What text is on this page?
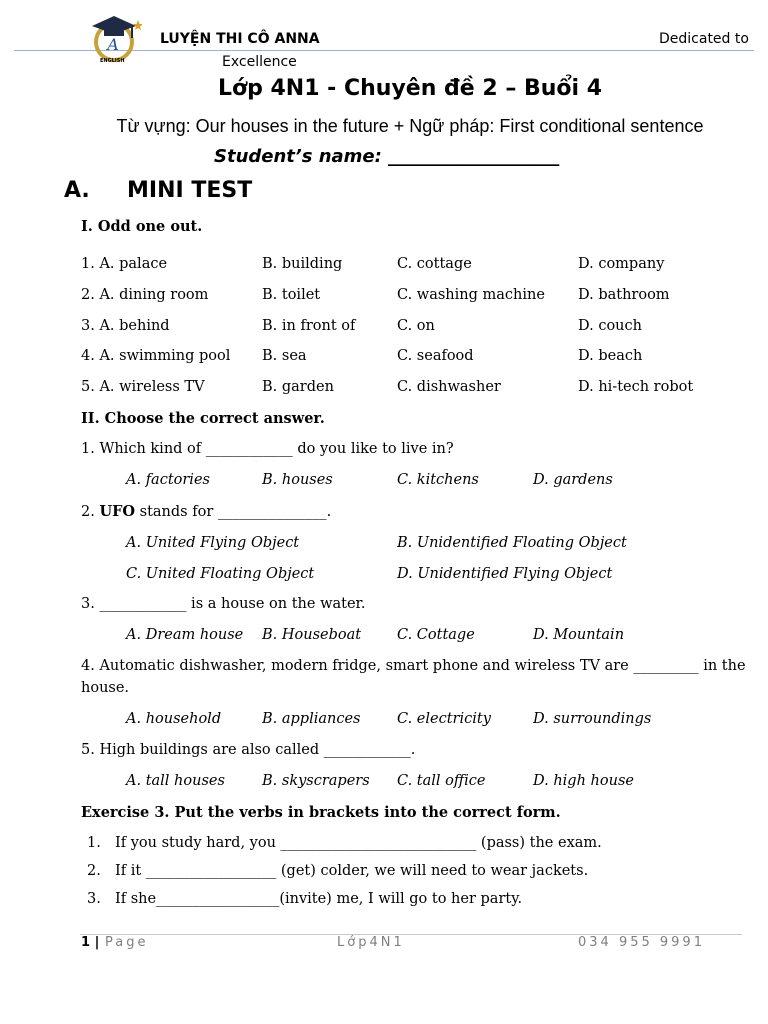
A
ENGLISH
LUYỆN THI CÔ ANNA	Dedicated to
Excellence
Lớp 4N1 - Chuyên đề 2 – Buổi 4
Từ vựng: Our houses in the future + Ngữ pháp: First conditional sentence
Student’s name: ___________________
A. MINI TEST
I. Odd one out.
1. A. palace	B. building	C. cottage	D. company
2. A. dining room	B. toilet	C. washing machine D. bathroom
3. A. behind	B. in front of	C. on	D. couch
4. A. swimming pool B. sea	C. seafood	D. beach
5. A. wireless TV	B. garden	C. dishwasher	D. hi-tech robot
II. Choose the correct answer.
1. Which kind of ____________ do you like to live in?
A. factories	B. houses	C. kitchens	D. gardens
2. UFO stands for _______________.
A. United Flying Object	B. Unidentified Floating Object
C. United Floating Object	D. Unidentified Flying Object
3. ____________ is a house on the water.
A. Dream house B. Houseboat C. Cottage	D. Mountain
4. Automatic dishwasher, modern fridge, smart phone and wireless TV are _________ in the
house.
A. household	B. appliances	C. electricity	D. surroundings
5. High buildings are also called ____________.
A. tall houses	B. skyscrapers C. tall office	D. high house
Exercise 3. Put the verbs in brackets into the correct form.
1. If you study hard, you ___________________________ (pass) the exam.
2. If it __________________ (get) colder, we will need to wear jackets.
3. If she_________________(invite) me, I will go to her party.
1 | Page	Lớp4N1	034 955 9991
